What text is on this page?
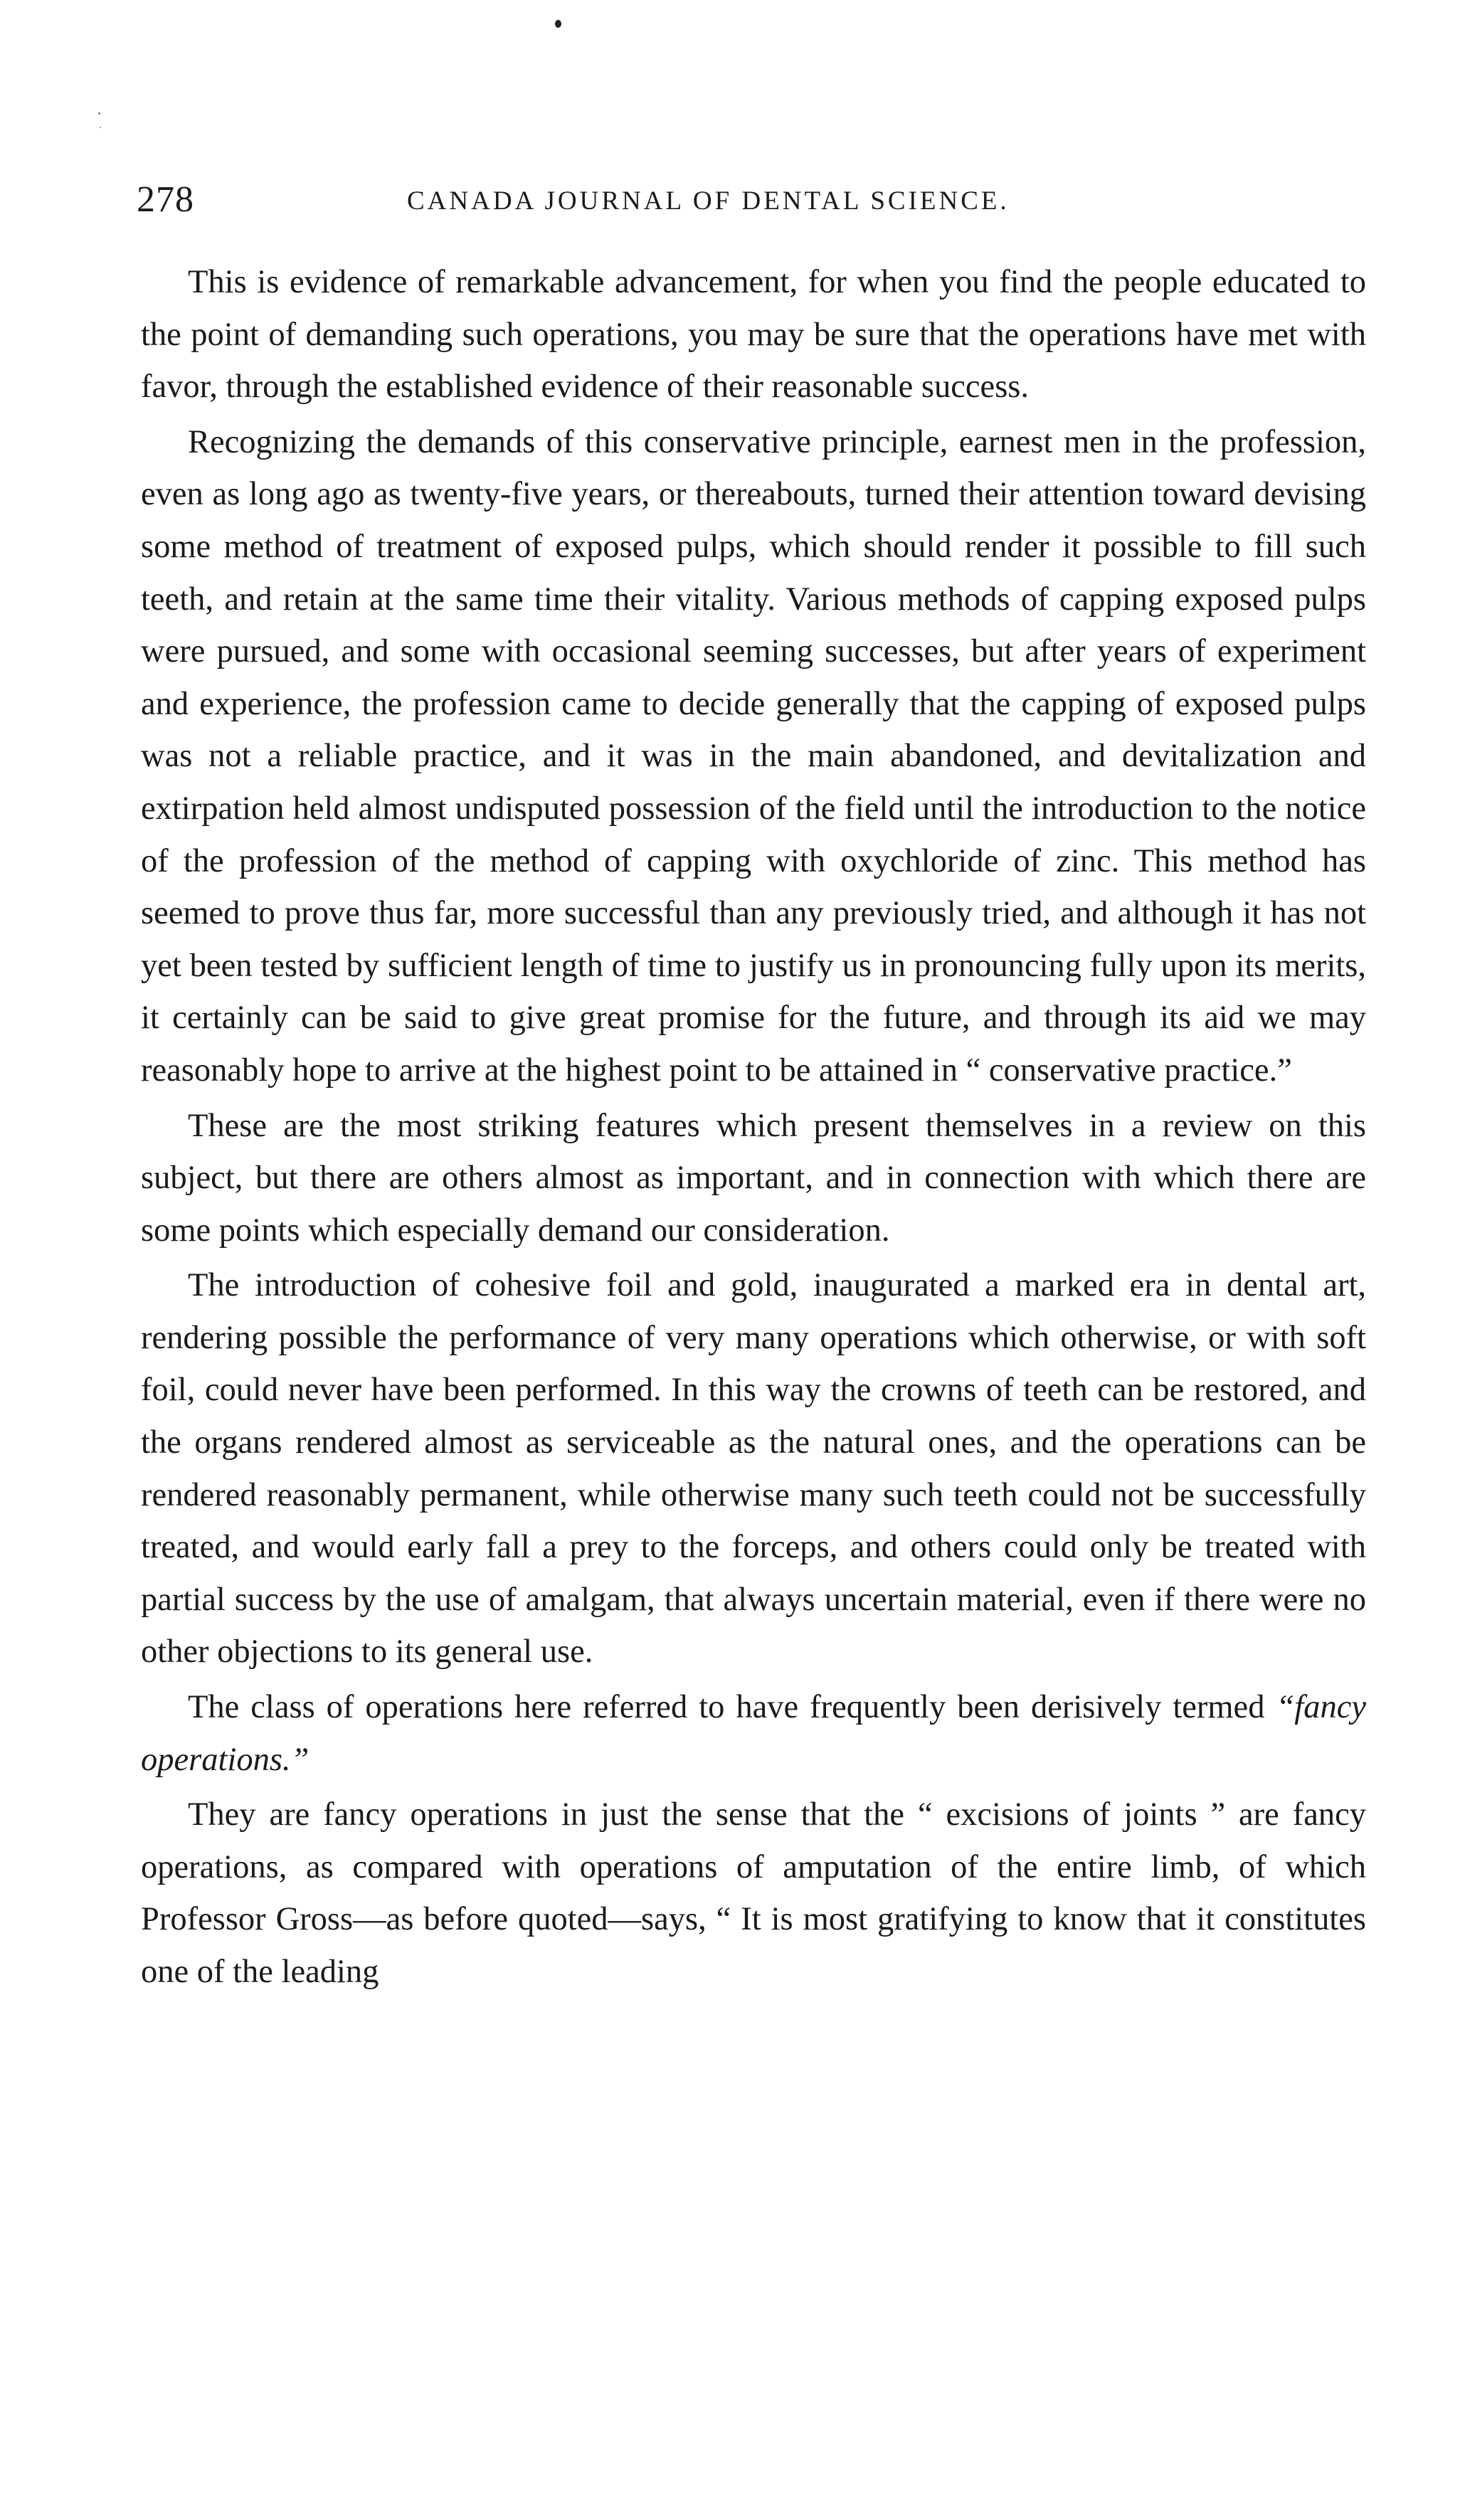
278	CANADA JOURNAL OF DENTAL SCIENCE.

This is evidence of remarkable advancement, for when you find the people educated to the point of demanding such operations, you may be sure that the operations have met with favor, through the established evidence of their reasonable success.

Recognizing the demands of this conservative principle, earnest men in the profession, even as long ago as twenty-five years, or thereabouts, turned their attention toward devising some method of treatment of exposed pulps, which should render it possible to fill such teeth, and retain at the same time their vitality. Various methods of capping exposed pulps were pursued, and some with occasional seeming successes, but after years of experiment and experience, the profession came to decide generally that the capping of exposed pulps was not a reliable practice, and it was in the main abandoned, and devitalization and extirpation held almost undisputed possession of the field until the introduction to the notice of the profession of the method of capping with oxychloride of zinc. This method has seemed to prove thus far, more successful than any previously tried, and although it has not yet been tested by sufficient length of time to justify us in pronouncing fully upon its merits, it certainly can be said to give great promise for the future, and through its aid we may reasonably hope to arrive at the highest point to be attained in “ conservative practice.”

These are the most striking features which present themselves in a review on this subject, but there are others almost as important, and in connection with which there are some points which especially demand our consideration.

The introduction of cohesive foil and gold, inaugurated a marked era in dental art, rendering possible the performance of very many operations which otherwise, or with soft foil, could never have been performed. In this way the crowns of teeth can be restored, and the organs rendered almost as serviceable as the natural ones, and the operations can be rendered reasonably permanent, while otherwise many such teeth could not be successfully treated, and would early fall a prey to the forceps, and others could only be treated with partial success by the use of amalgam, that always uncertain material, even if there were no other objections to its general use.

The class of operations here referred to have frequently been derisively termed “fancy operations.”

They are fancy operations in just the sense that the “ excisions of joints ” are fancy operations, as compared with operations of amputation of the entire limb, of which Professor Gross—as before quoted—says, “ It is most gratifying to know that it constitutes one of the leading
